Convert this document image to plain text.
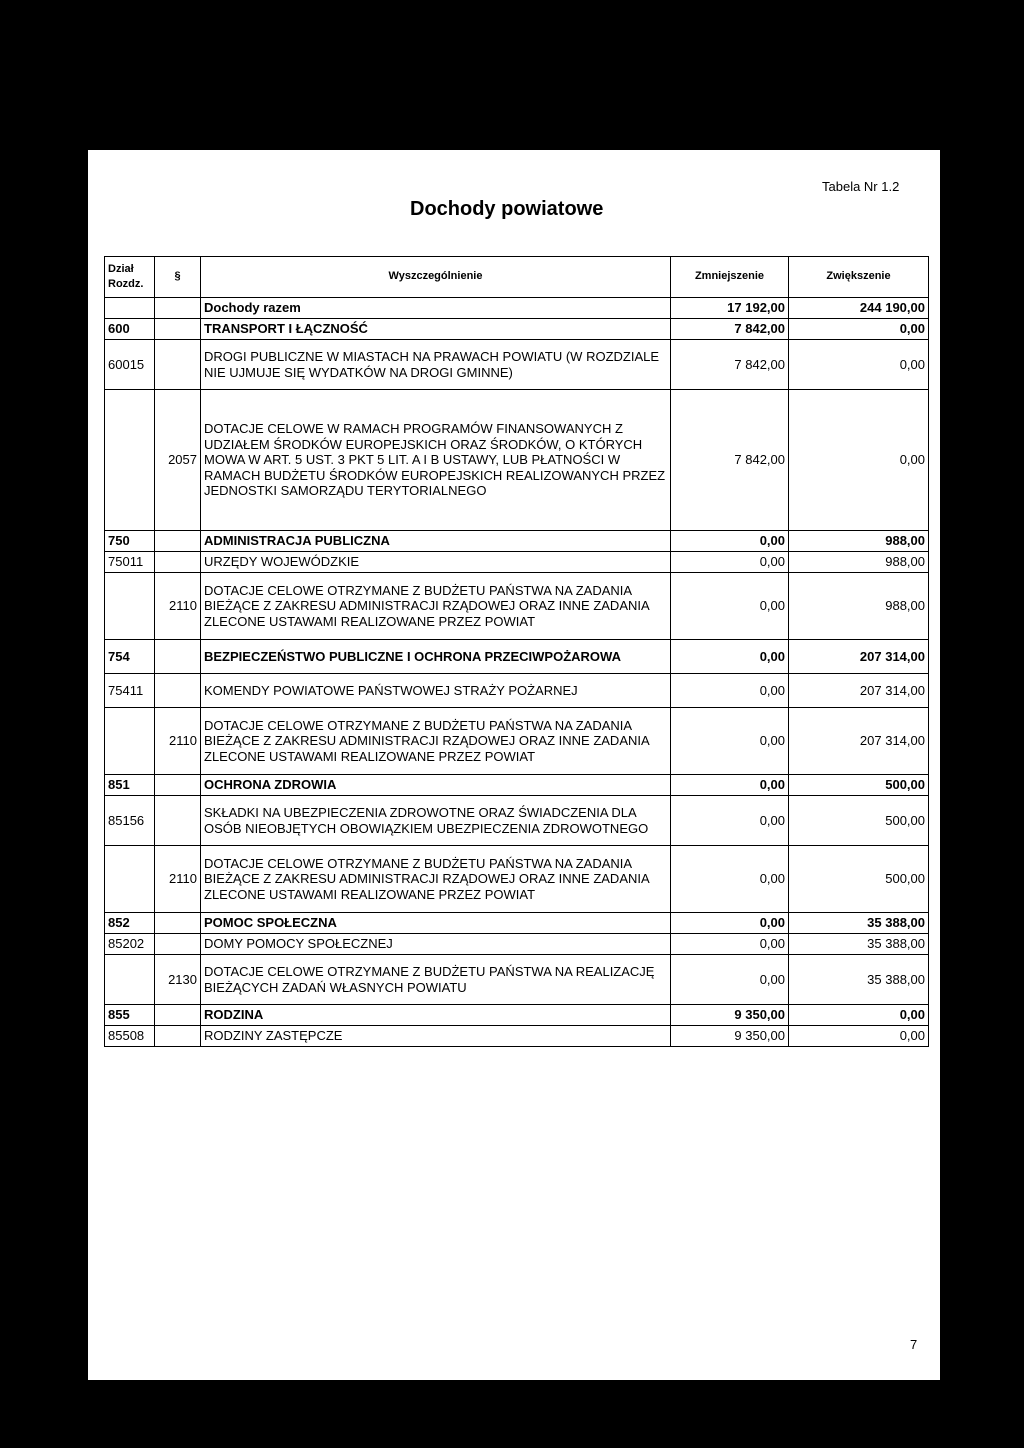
Dochody powiatowe
Tabela Nr 1.2
Dział
Rozdz.	§	Wyszczególnienie	Zmniejszenie	Zwiększenie
		Dochody razem	17 192,00	244 190,00
600		TRANSPORT I ŁĄCZNOŚĆ	7 842,00	0,00
60015		DROGI PUBLICZNE W MIASTACH NA PRAWACH POWIATU (W ROZDZIALE NIE UJMUJE SIĘ WYDATKÓW NA DROGI GMINNE)	7 842,00	0,00
	2057	DOTACJE CELOWE W RAMACH PROGRAMÓW FINANSOWANYCH Z UDZIAŁEM ŚRODKÓW EUROPEJSKICH ORAZ ŚRODKÓW, O KTÓRYCH MOWA W ART. 5 UST. 3 PKT 5 LIT. A I B USTAWY, LUB PŁATNOŚCI W RAMACH BUDŻETU ŚRODKÓW EUROPEJSKICH REALIZOWANYCH PRZEZ JEDNOSTKI SAMORZĄDU TERYTORIALNEGO	7 842,00	0,00
750		ADMINISTRACJA PUBLICZNA	0,00	988,00
75011		URZĘDY WOJEWÓDZKIE	0,00	988,00
	2110	DOTACJE CELOWE OTRZYMANE Z BUDŻETU PAŃSTWA NA ZADANIA BIEŻĄCE Z ZAKRESU ADMINISTRACJI RZĄDOWEJ ORAZ INNE ZADANIA ZLECONE USTAWAMI REALIZOWANE PRZEZ POWIAT	0,00	988,00
754		BEZPIECZEŃSTWO PUBLICZNE I OCHRONA PRZECIWPOŻAROWA	0,00	207 314,00
75411		KOMENDY POWIATOWE PAŃSTWOWEJ STRAŻY POŻARNEJ	0,00	207 314,00
	2110	DOTACJE CELOWE OTRZYMANE Z BUDŻETU PAŃSTWA NA ZADANIA BIEŻĄCE Z ZAKRESU ADMINISTRACJI RZĄDOWEJ ORAZ INNE ZADANIA ZLECONE USTAWAMI REALIZOWANE PRZEZ POWIAT	0,00	207 314,00
851		OCHRONA ZDROWIA	0,00	500,00
85156		SKŁADKI NA UBEZPIECZENIA ZDROWOTNE ORAZ ŚWIADCZENIA DLA OSÓB NIEOBJĘTYCH OBOWIĄZKIEM UBEZPIECZENIA ZDROWOTNEGO	0,00	500,00
	2110	DOTACJE CELOWE OTRZYMANE Z BUDŻETU PAŃSTWA NA ZADANIA BIEŻĄCE Z ZAKRESU ADMINISTRACJI RZĄDOWEJ ORAZ INNE ZADANIA ZLECONE USTAWAMI REALIZOWANE PRZEZ POWIAT	0,00	500,00
852		POMOC SPOŁECZNA	0,00	35 388,00
85202		DOMY POMOCY SPOŁECZNEJ	0,00	35 388,00
	2130	DOTACJE CELOWE OTRZYMANE Z BUDŻETU PAŃSTWA NA REALIZACJĘ BIEŻĄCYCH ZADAŃ WŁASNYCH POWIATU	0,00	35 388,00
855		RODZINA	9 350,00	0,00
85508		RODZINY ZASTĘPCZE	9 350,00	0,00
7
